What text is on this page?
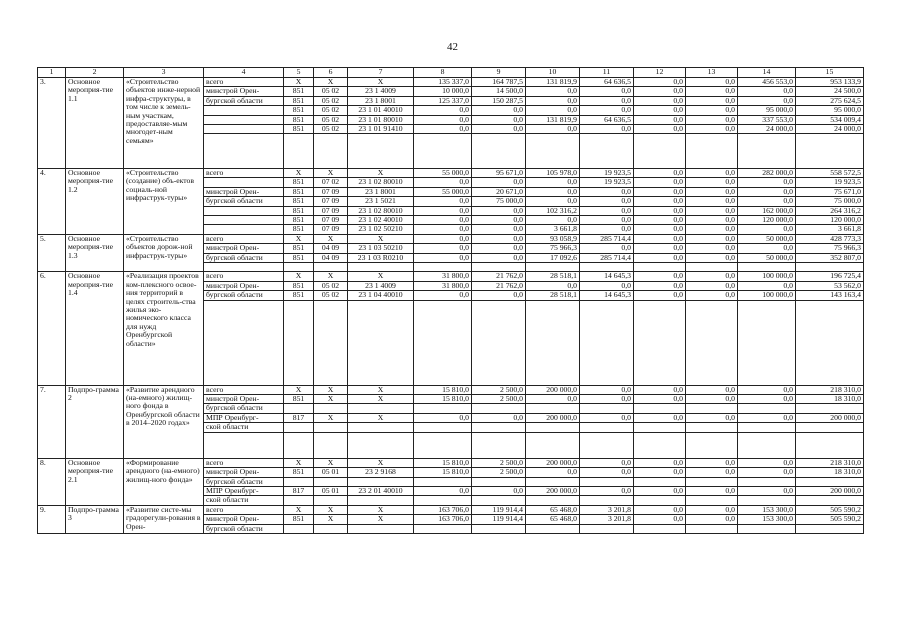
42
1	2	3	4	5	6	7	8	9	10	11	12	13	14	15
3.	Основное мероприя-тие 1.1	«Строительство объектов инже-нерной инфра-структуры, в том числе к земель-ным участкам, предоставляе-мым многодет-ным семьям»	всего	X	X	X	135 337,0	164 787,5	131 819,9	64 636,5	0,0	0,0	456 553,0	953 133,9
			минстрой Орен-	851	05 02	23 1 4009	10 000,0	14 500,0	0,0	0,0	0,0	0,0	0,0	24 500,0
			бургской области	851	05 02	23 1 8001	125 337,0	150 287,5	0,0	0,0	0,0	0,0	0,0	275 624,5
				851	05 02	23 1 01 40010	0,0	0,0	0,0	0,0	0,0	0,0	95 000,0	95 000,0
				851	05 02	23 1 01 80010	0,0	0,0	131 819,9	64 636,5	0,0	0,0	337 553,0	534 009,4
				851	05 02	23 1 01 91410	0,0	0,0	0,0	0,0	0,0	0,0	24 000,0	24 000,0

4.	Основное мероприя-тие 1.2	«Строительство (создание) объ-ектов социаль-ной инфраструк-туры»	всего	X	X	X	55 000,0	95 671,0	105 978,0	19 923,5	0,0	0,0	282 000,0	558 572,5
				851	07 02	23 1 02 80010	0,0	0,0	0,0	19 923,5	0,0	0,0	0,0	19 923,5
			минстрой Орен-	851	07 09	23 1 8001	55 000,0	20 671,0	0,0	0,0	0,0	0,0	0,0	75 671,0
			бургской области	851	07 09	23 1 5021	0,0	75 000,0	0,0	0,0	0,0	0,0	0,0	75 000,0
				851	07 09	23 1 02 80010	0,0	0,0	102 316,2	0,0	0,0	0,0	162 000,0	264 316,2
				851	07 09	23 1 02 40010	0,0	0,0	0,0	0,0	0,0	0,0	120 000,0	120 000,0
				851	07 09	23 1 02 50210	0,0	0,0	3 661,8	0,0	0,0	0,0	0,0	3 661,8
5.	Основное мероприя-тие 1.3	«Строительство объектов дорож-ной инфраструк-туры»	всего	X	X	X	0,0	0,0	93 058,9	285 714,4	0,0	0,0	50 000,0	428 773,3
			минстрой Орен-	851	04 09	23 1 03 50210	0,0	0,0	75 966,3	0,0	0,0	0,0	0,0	75 966,3
			бургской области	851	04 09	23 1 03 R0210	0,0	0,0	17 092,6	285 714,4	0,0	0,0	50 000,0	352 807,0

6.	Основное мероприя-тие 1.4	«Реализация проектов ком-плексного освое-ния территорий в целях строитель-ства жилья эко-номического класса для нужд Оренбургской области»	всего	X	X	X	31 800,0	21 762,0	28 518,1	14 645,3	0,0	0,0	100 000,0	196 725,4
			минстрой Орен-	851	05 02	23 1 4009	31 800,0	21 762,0	0,0	0,0	0,0	0,0	0,0	53 562,0
			бургской области	851	05 02	23 1 04 40010	0,0	0,0	28 518,1	14 645,3	0,0	0,0	100 000,0	143 163,4

7.	Подпро-грамма 2	«Развитие арендного (на-емного) жилищ-ного фонда в Оренбургской области в 2014–2020 годах»	всего	X	X	X	15 810,0	2 500,0	200 000,0	0,0	0,0	0,0	0,0	218 310,0
			минстрой Орен-	851	X	X	15 810,0	2 500,0	0,0	0,0	0,0	0,0	0,0	18 310,0
			бургской области											
			МПР Оренбург-	817	X	X	0,0	0,0	200 000,0	0,0	0,0	0,0	0,0	200 000,0
			ской области											

8.	Основное мероприя-тие 2.1	«Формирование арендного (на-емного) жилищ-ного фонда»	всего	X	X	X	15 810,0	2 500,0	200 000,0	0,0	0,0	0,0	0,0	218 310,0
			минстрой Орен-	851	05 01	23 2 9168	15 810,0	2 500,0	0,0	0,0	0,0	0,0	0,0	18 310,0
			бургской области											
			МПР Оренбург-	817	05 01	23 2 01 40010	0,0	0,0	200 000,0	0,0	0,0	0,0	0,0	200 000,0
			ской области											
9.	Подпро-грамма 3	«Развитие систе-мы градорегули-рования в Орен-	всего	X	X	X	163 706,0	119 914,4	65 468,0	3 201,8	0,0	0,0	153 300,0	505 590,2
			минстрой Орен-	851	X	X	163 706,0	119 914,4	65 468,0	3 201,8	0,0	0,0	153 300,0	505 590,2
			бургской области											
